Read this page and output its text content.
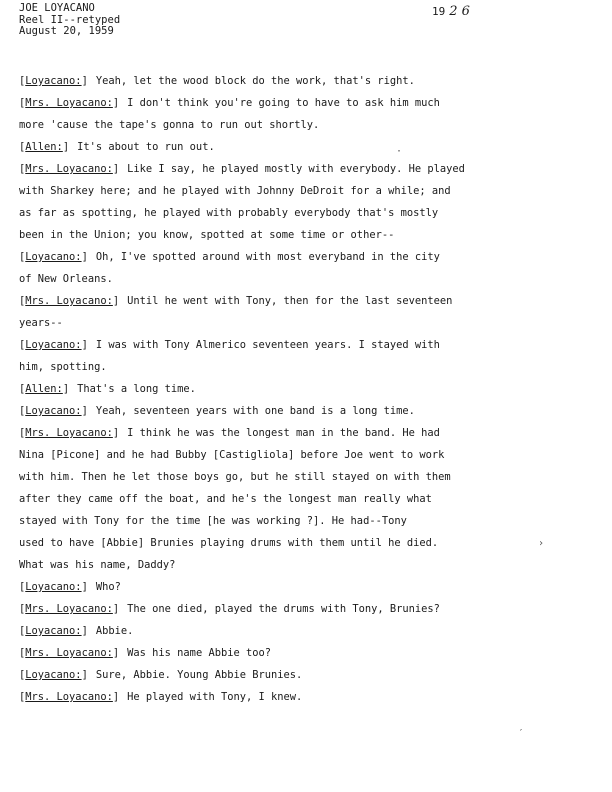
JOE LOYACANO
Reel II--retyped
August 20, 1959
19 2 6
[Loyacano:] Yeah, let the wood block do the work, that's right.
[Mrs. Loyacano:] I don't think you're going to have to ask him much
more 'cause the tape's gonna to run out shortly.
[Allen:] It's about to run out.
[Mrs. Loyacano:] Like I say, he played mostly with everybody. He played
with Sharkey here; and he played with Johnny DeDroit for a while; and
as far as spotting, he played with probably everybody that's mostly
been in the Union; you know, spotted at some time or other--
[Loyacano:] Oh, I've spotted around with most everyband in the city
of New Orleans.
[Mrs. Loyacano:] Until he went with Tony, then for the last seventeen
years--
[Loyacano:] I was with Tony Almerico seventeen years. I stayed with
him, spotting.
[Allen:] That's a long time.
[Loyacano:] Yeah, seventeen years with one band is a long time.
[Mrs. Loyacano:] I think he was the longest man in the band. He had
Nina [Picone] and he had Bubby [Castigliola] before Joe went to work
with him. Then he let those boys go, but he still stayed on with them
after they came off the boat, and he's the longest man really what
stayed with Tony for the time [he was working ?]. He had--Tony
used to have [Abbie] Brunies playing drums with them until he died.
What was his name, Daddy?
[Loyacano:] Who?
[Mrs. Loyacano:] The one died, played the drums with Tony, Brunies?
[Loyacano:] Abbie.
[Mrs. Loyacano:] Was his name Abbie too?
[Loyacano:] Sure, Abbie. Young Abbie Brunies.
[Mrs. Loyacano:] He played with Tony, I knew.
·
›
′
